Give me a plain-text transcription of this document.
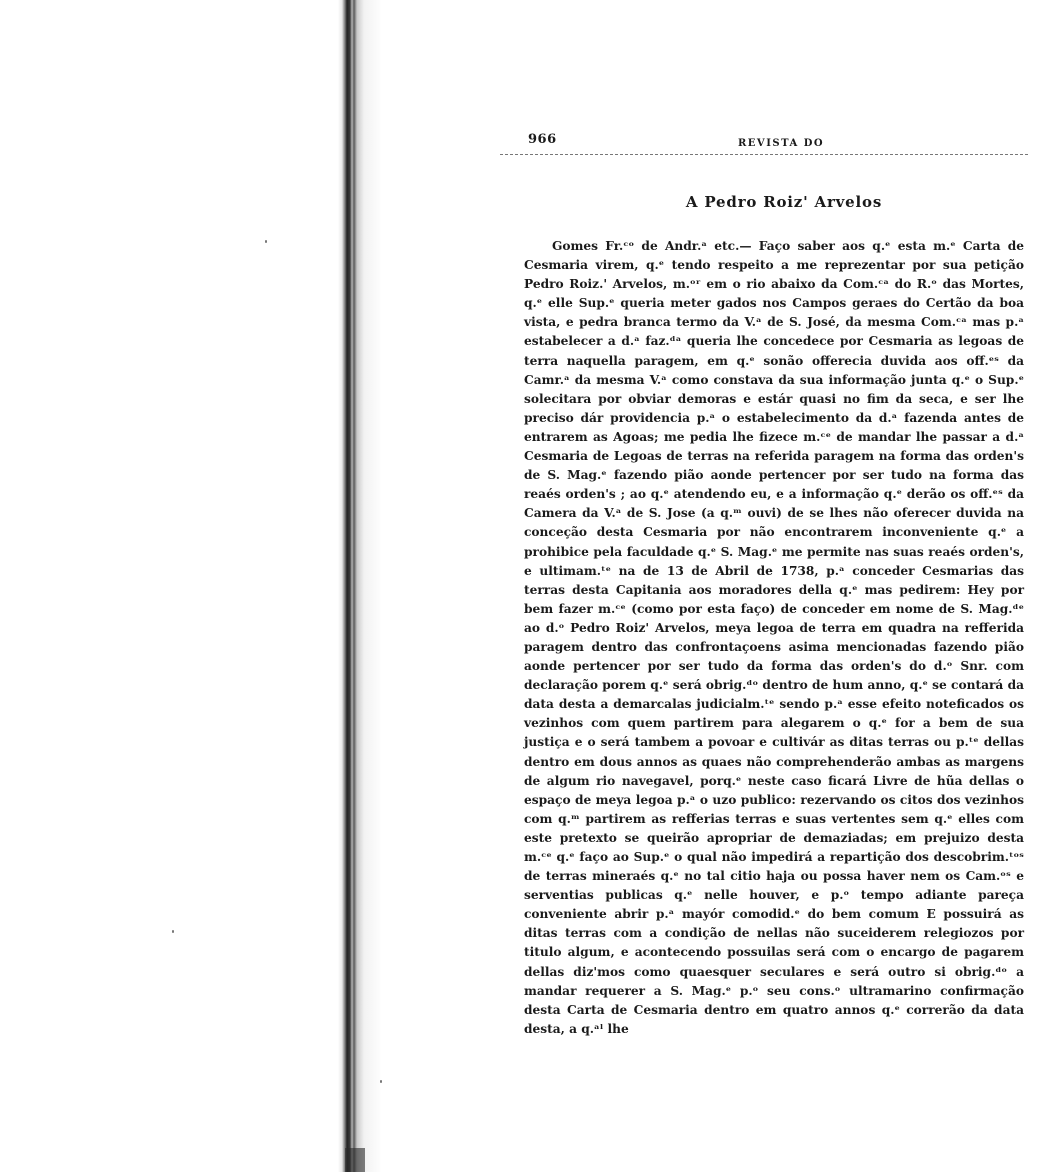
966	REVISTA DO
A Pedro Roiz' Arvelos
Gomes Fr.ᶜᵒ de Andr.ᵃ etc.— Faço saber aos q.ᵉ esta m.ᵉ Carta de Cesmaria virem, q.ᵉ tendo respeito a me reprezentar por sua petição Pedro Roiz.' Arvelos, m.ᵒʳ em o rio abaixo da Com.ᶜᵃ do R.ᵒ das Mortes, q.ᵉ elle Sup.ᵉ queria meter gados nos Campos geraes do Certão da boa vista, e pedra branca termo da V.ᵃ de S. José, da mesma Com.ᶜᵃ mas p.ᵃ estabelecer a d.ᵃ faz.ᵈᵃ queria lhe concedece por Cesmaria as legoas de terra naquella paragem, em q.ᵉ sonão offerecia duvida aos off.ᵉˢ da Camr.ᵃ da mesma V.ᵃ como constava da sua informação junta q.ᵉ o Sup.ᵉ solecitara por obviar demoras e estár quasi no fim da seca, e ser lhe preciso dár providencia p.ᵃ o estabelecimento da d.ᵃ fazenda antes de entrarem as Agoas; me pedia lhe fizece m.ᶜᵉ de mandar lhe passar a d.ᵃ Cesmaria de Legoas de terras na referida paragem na forma das orden's de S. Mag.ᵉ fazendo pião aonde pertencer por ser tudo na forma das reaés orden's ; ao q.ᵉ atendendo eu, e a informação q.ᵉ derão os off.ᵉˢ da Camera da V.ᵃ de S. Jose (a q.ᵐ ouvi) de se lhes não oferecer duvida na conceção desta Cesmaria por não encontrarem inconveniente q.ᵉ a prohibice pela faculdade q.ᵉ S. Mag.ᵉ me permite nas suas reaés orden's, e ultimam.ᵗᵉ na de 13 de Abril de 1738, p.ᵃ conceder Cesmarias das terras desta Capitania aos moradores della q.ᵉ mas pedirem: Hey por bem fazer m.ᶜᵉ (como por esta faço) de conceder em nome de S. Mag.ᵈᵉ ao d.ᵒ Pedro Roiz' Arvelos, meya legoa de terra em quadra na refferida paragem dentro das confrontaçoens asima mencionadas fazendo pião aonde pertencer por ser tudo da forma das orden's do d.ᵒ Snr. com declaração porem q.ᵉ será obrig.ᵈᵒ dentro de hum anno, q.ᵉ se contará da data desta a demarcalas judicialm.ᵗᵉ sendo p.ᵃ esse efeito noteficados os vezinhos com quem partirem para alegarem o q.ᵉ for a bem de sua justiça e o será tambem a povoar e cultivár as ditas terras ou p.ᵗᵉ dellas dentro em dous annos as quaes não comprehenderão ambas as margens de algum rio navegavel, porq.ᵉ neste caso ficará Livre de hũa dellas o espaço de meya legoa p.ᵃ o uzo publico: rezervando os citos dos vezinhos com q.ᵐ partirem as refferias terras e suas vertentes sem q.ᵉ elles com este pretexto se queirão apropriar de demaziadas; em prejuizo desta m.ᶜᵉ q.ᵉ faço ao Sup.ᵉ o qual não impedirá a repartição dos descobrim.ᵗᵒˢ de terras mineraés q.ᵉ no tal citio haja ou possa haver nem os Cam.ᵒˢ e serventias publicas q.ᵉ nelle houver, e p.ᵒ tempo adiante pareça conveniente abrir p.ᵃ mayór comodid.ᵉ do bem comum E possuirá as ditas terras com a condição de nellas não suceiderem relegiozos por titulo algum, e acontecendo possuilas será com o encargo de pagarem dellas diz'mos como quaesquer seculares e será outro si obrig.ᵈᵒ a mandar requerer a S. Mag.ᵉ p.ᵒ seu cons.ᵒ ultramarino confirmação desta Carta de Cesmaria dentro em quatro annos q.ᵉ correrão da data desta, a q.ᵃˡ lhe
